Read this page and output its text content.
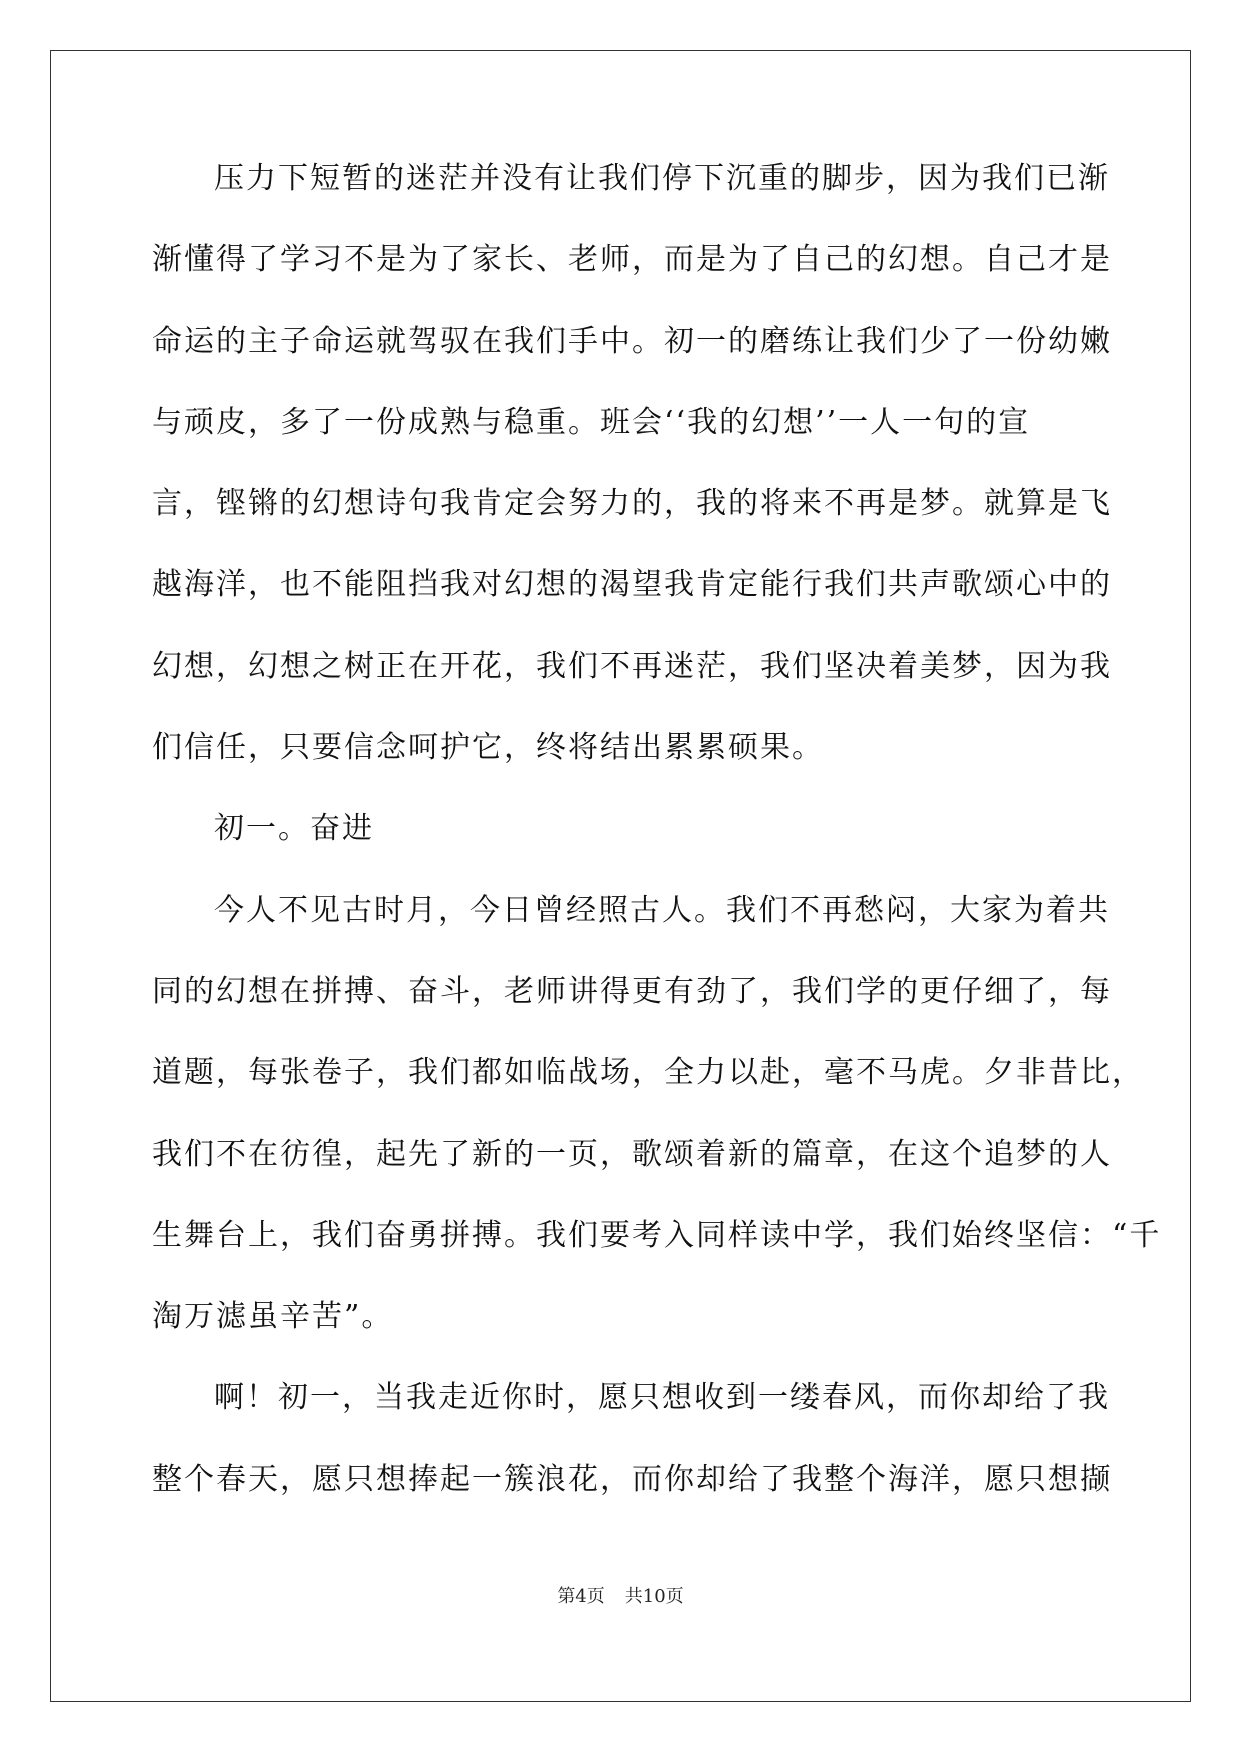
压力下短暂的迷茫并没有让我们停下沉重的脚步，因为我们已渐
渐懂得了学习不是为了家长、老师，而是为了自己的幻想。自己才是
命运的主子命运就驾驭在我们手中。初一的磨练让我们少了一份幼嫩
与顽皮，多了一份成熟与稳重。班会‘‘我的幻想’’一人一句的宣
言，铿锵的幻想诗句我肯定会努力的，我的将来不再是梦。就算是飞
越海洋，也不能阻挡我对幻想的渴望我肯定能行我们共声歌颂心中的
幻想，幻想之树正在开花，我们不再迷茫，我们坚决着美梦，因为我
们信任，只要信念呵护它，终将结出累累硕果。
初一。奋进
今人不见古时月，今日曾经照古人。我们不再愁闷，大家为着共
同的幻想在拼搏、奋斗，老师讲得更有劲了，我们学的更仔细了，每
道题，每张卷子，我们都如临战场，全力以赴，毫不马虎。夕非昔比，
我们不在彷徨，起先了新的一页，歌颂着新的篇章，在这个追梦的人
生舞台上，我们奋勇拼搏。我们要考入同样读中学，我们始终坚信：“千
淘万滤虽辛苦”。
啊！初一，当我走近你时，愿只想收到一缕春风，而你却给了我
整个春天，愿只想捧起一簇浪花，而你却给了我整个海洋，愿只想撷
第4页 共10页
